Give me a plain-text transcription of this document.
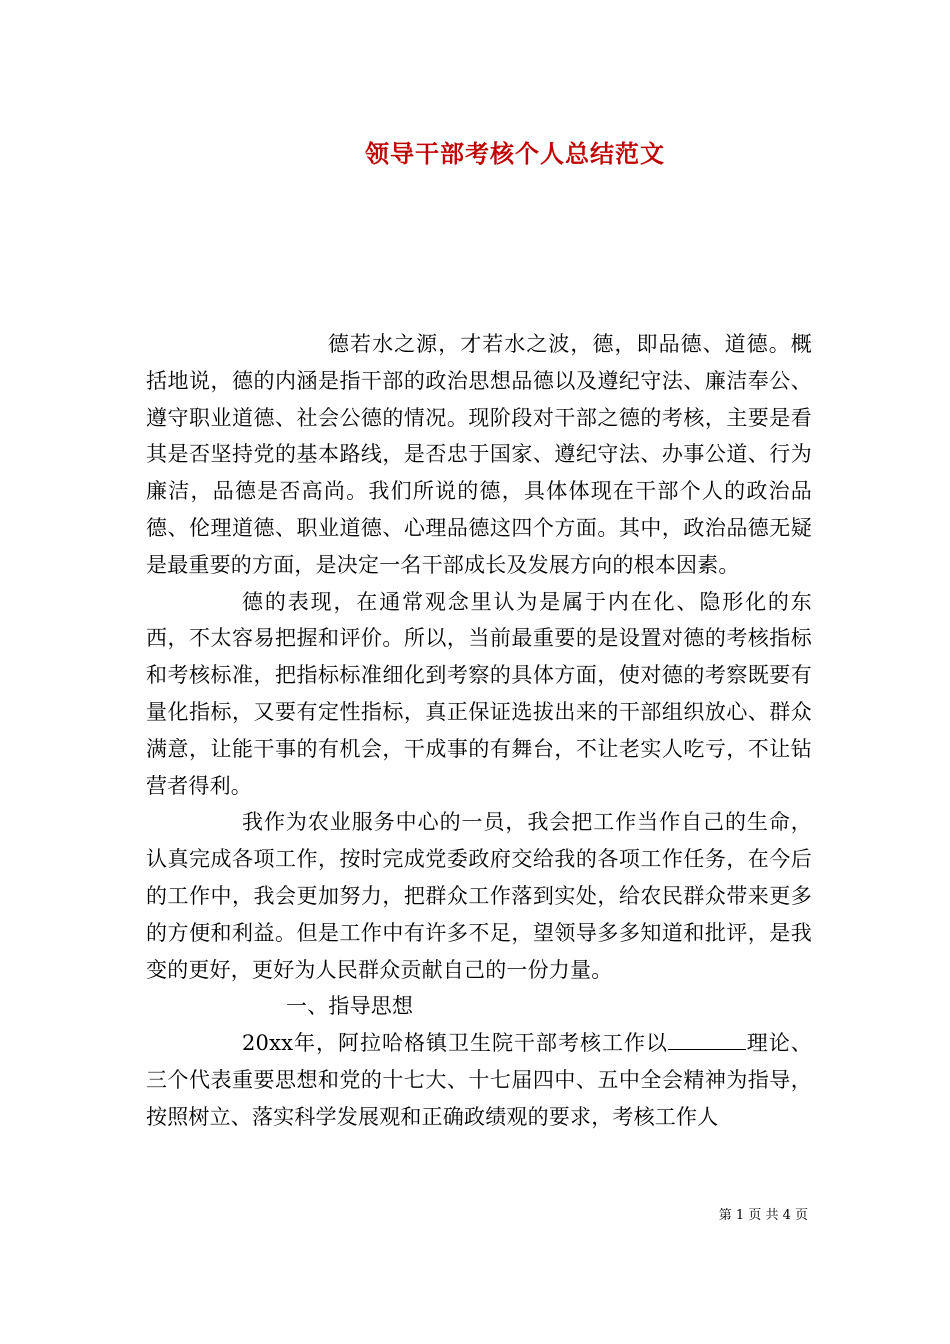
领导干部考核个人总结范文

德若水之源，才若水之波，德，即品德、道德。概括地说，德的内涵是指干部的政治思想品德以及遵纪守法、廉洁奉公、遵守职业道德、社会公德的情况。现阶段对干部之德的考核，主要是看其是否坚持党的基本路线，是否忠于国家、遵纪守法、办事公道、行为廉洁，品德是否高尚。我们所说的德，具体体现在干部个人的政治品德、伦理道德、职业道德、心理品德这四个方面。其中，政治品德无疑是最重要的方面，是决定一名干部成长及发展方向的根本因素。

德的表现，在通常观念里认为是属于内在化、隐形化的东西，不太容易把握和评价。所以，当前最重要的是设置对德的考核指标和考核标准，把指标标准细化到考察的具体方面，使对德的考察既要有量化指标，又要有定性指标，真正保证选拔出来的干部组织放心、群众满意，让能干事的有机会，干成事的有舞台，不让老实人吃亏，不让钻营者得利。

我作为农业服务中心的一员，我会把工作当作自己的生命，认真完成各项工作，按时完成党委政府交给我的各项工作任务，在今后的工作中，我会更加努力，把群众工作落到实处，给农民群众带来更多的方便和利益。但是工作中有许多不足，望领导多多知道和批评，是我变的更好，更好为人民群众贡献自己的一份力量。

一、指导思想

20xx年，阿拉哈格镇卫生院干部考核工作以	理论、三个代表重要思想和党的十七大、十七届四中、五中全会精神为指导，按照树立、落实科学发展观和正确政绩观的要求，考核工作人

第 1 页 共 4 页
